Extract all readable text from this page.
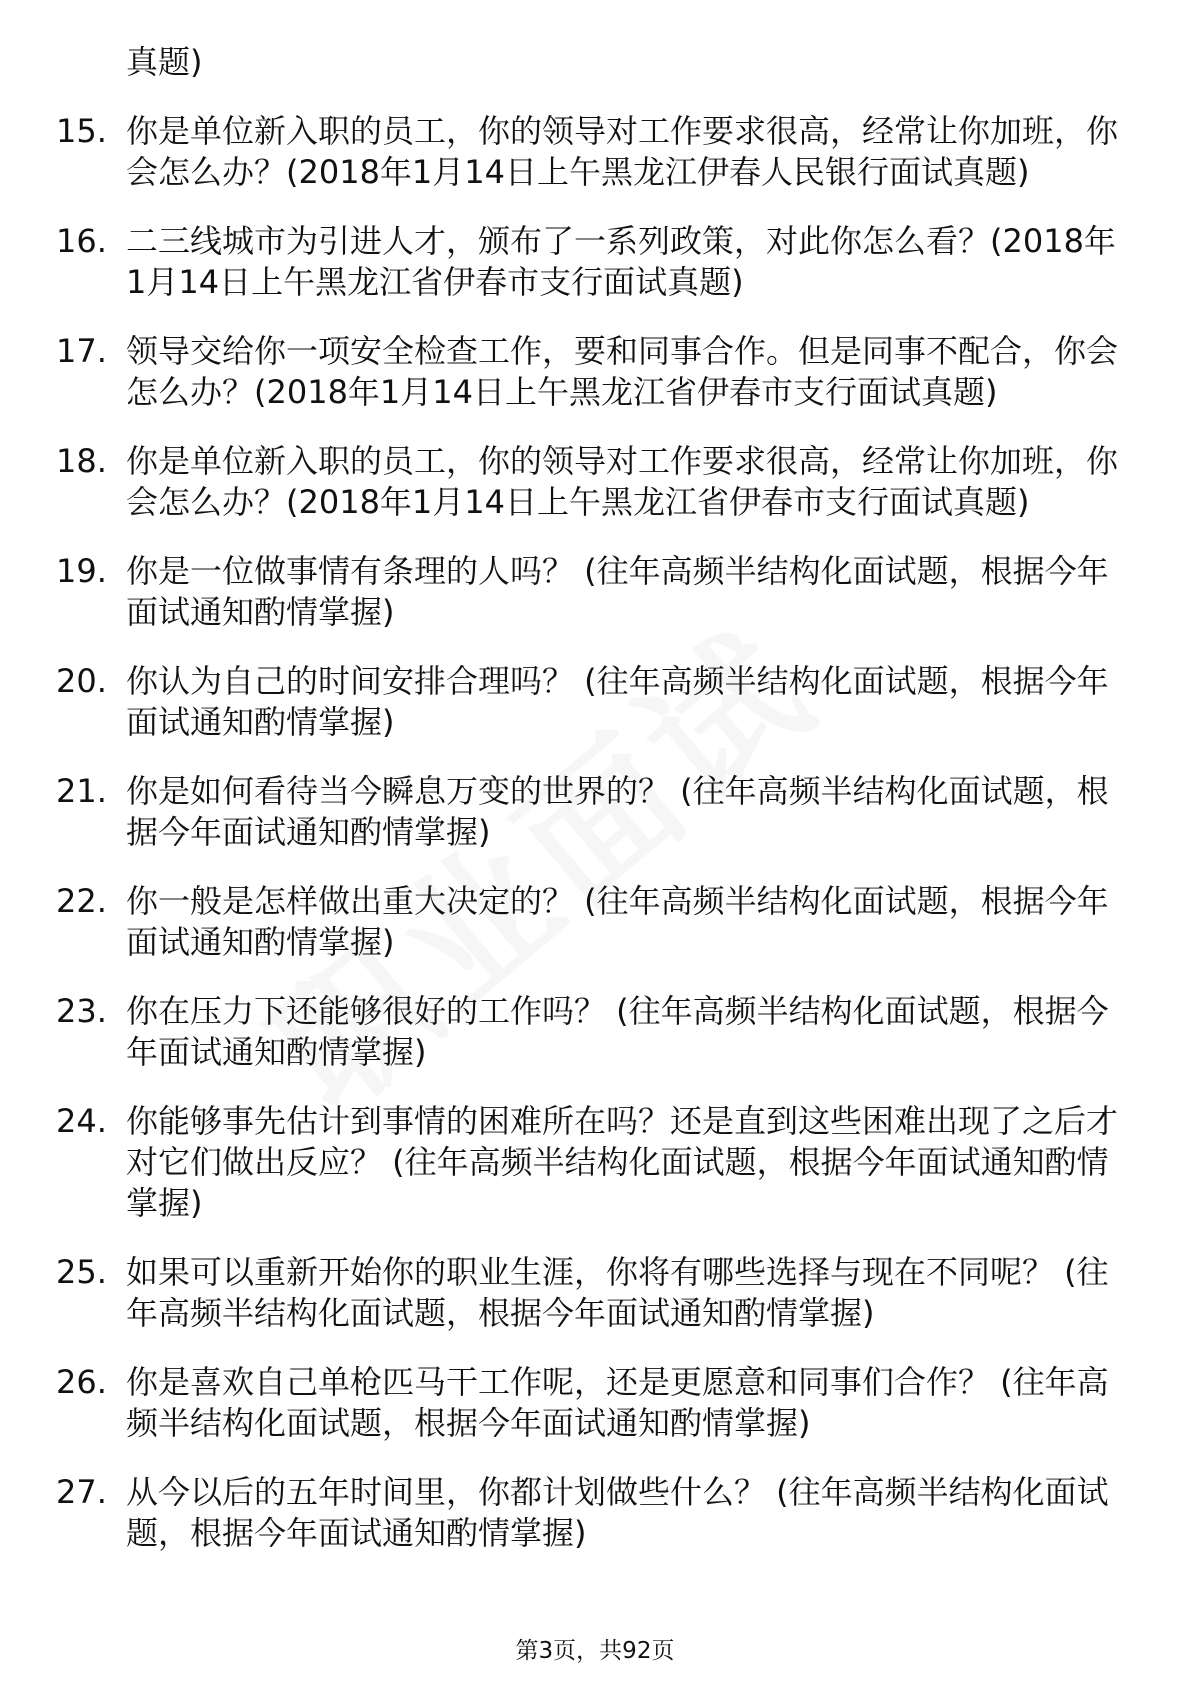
真题)
15. 你是单位新入职的员工，你的领导对工作要求很高，经常让你加班，你会怎么办？(2018年1月14日上午黑龙江伊春人民银行面试真题)
16. 二三线城市为引进人才，颁布了一系列政策，对此你怎么看？(2018年1月14日上午黑龙江省伊春市支行面试真题)
17. 领导交给你一项安全检查工作，要和同事合作。但是同事不配合，你会怎么办？(2018年1月14日上午黑龙江省伊春市支行面试真题)
18. 你是单位新入职的员工，你的领导对工作要求很高，经常让你加班，你会怎么办？(2018年1月14日上午黑龙江省伊春市支行面试真题)
19. 你是一位做事情有条理的人吗？ (往年高频半结构化面试题，根据今年面试通知酌情掌握)
20. 你认为自己的时间安排合理吗？ (往年高频半结构化面试题，根据今年面试通知酌情掌握)
21. 你是如何看待当今瞬息万变的世界的？ (往年高频半结构化面试题，根据今年面试通知酌情掌握)
22. 你一般是怎样做出重大决定的？ (往年高频半结构化面试题，根据今年面试通知酌情掌握)
23. 你在压力下还能够很好的工作吗？ (往年高频半结构化面试题，根据今年面试通知酌情掌握)
24. 你能够事先估计到事情的困难所在吗？还是直到这些困难出现了之后才对它们做出反应？ (往年高频半结构化面试题，根据今年面试通知酌情掌握)
25. 如果可以重新开始你的职业生涯，你将有哪些选择与现在不同呢？ (往年高频半结构化面试题，根据今年面试通知酌情掌握)
26. 你是喜欢自己单枪匹马干工作呢，还是更愿意和同事们合作？ (往年高频半结构化面试题，根据今年面试通知酌情掌握)
27. 从今以后的五年时间里，你都计划做些什么？ (往年高频半结构化面试题，根据今年面试通知酌情掌握)
第3页，共92页
